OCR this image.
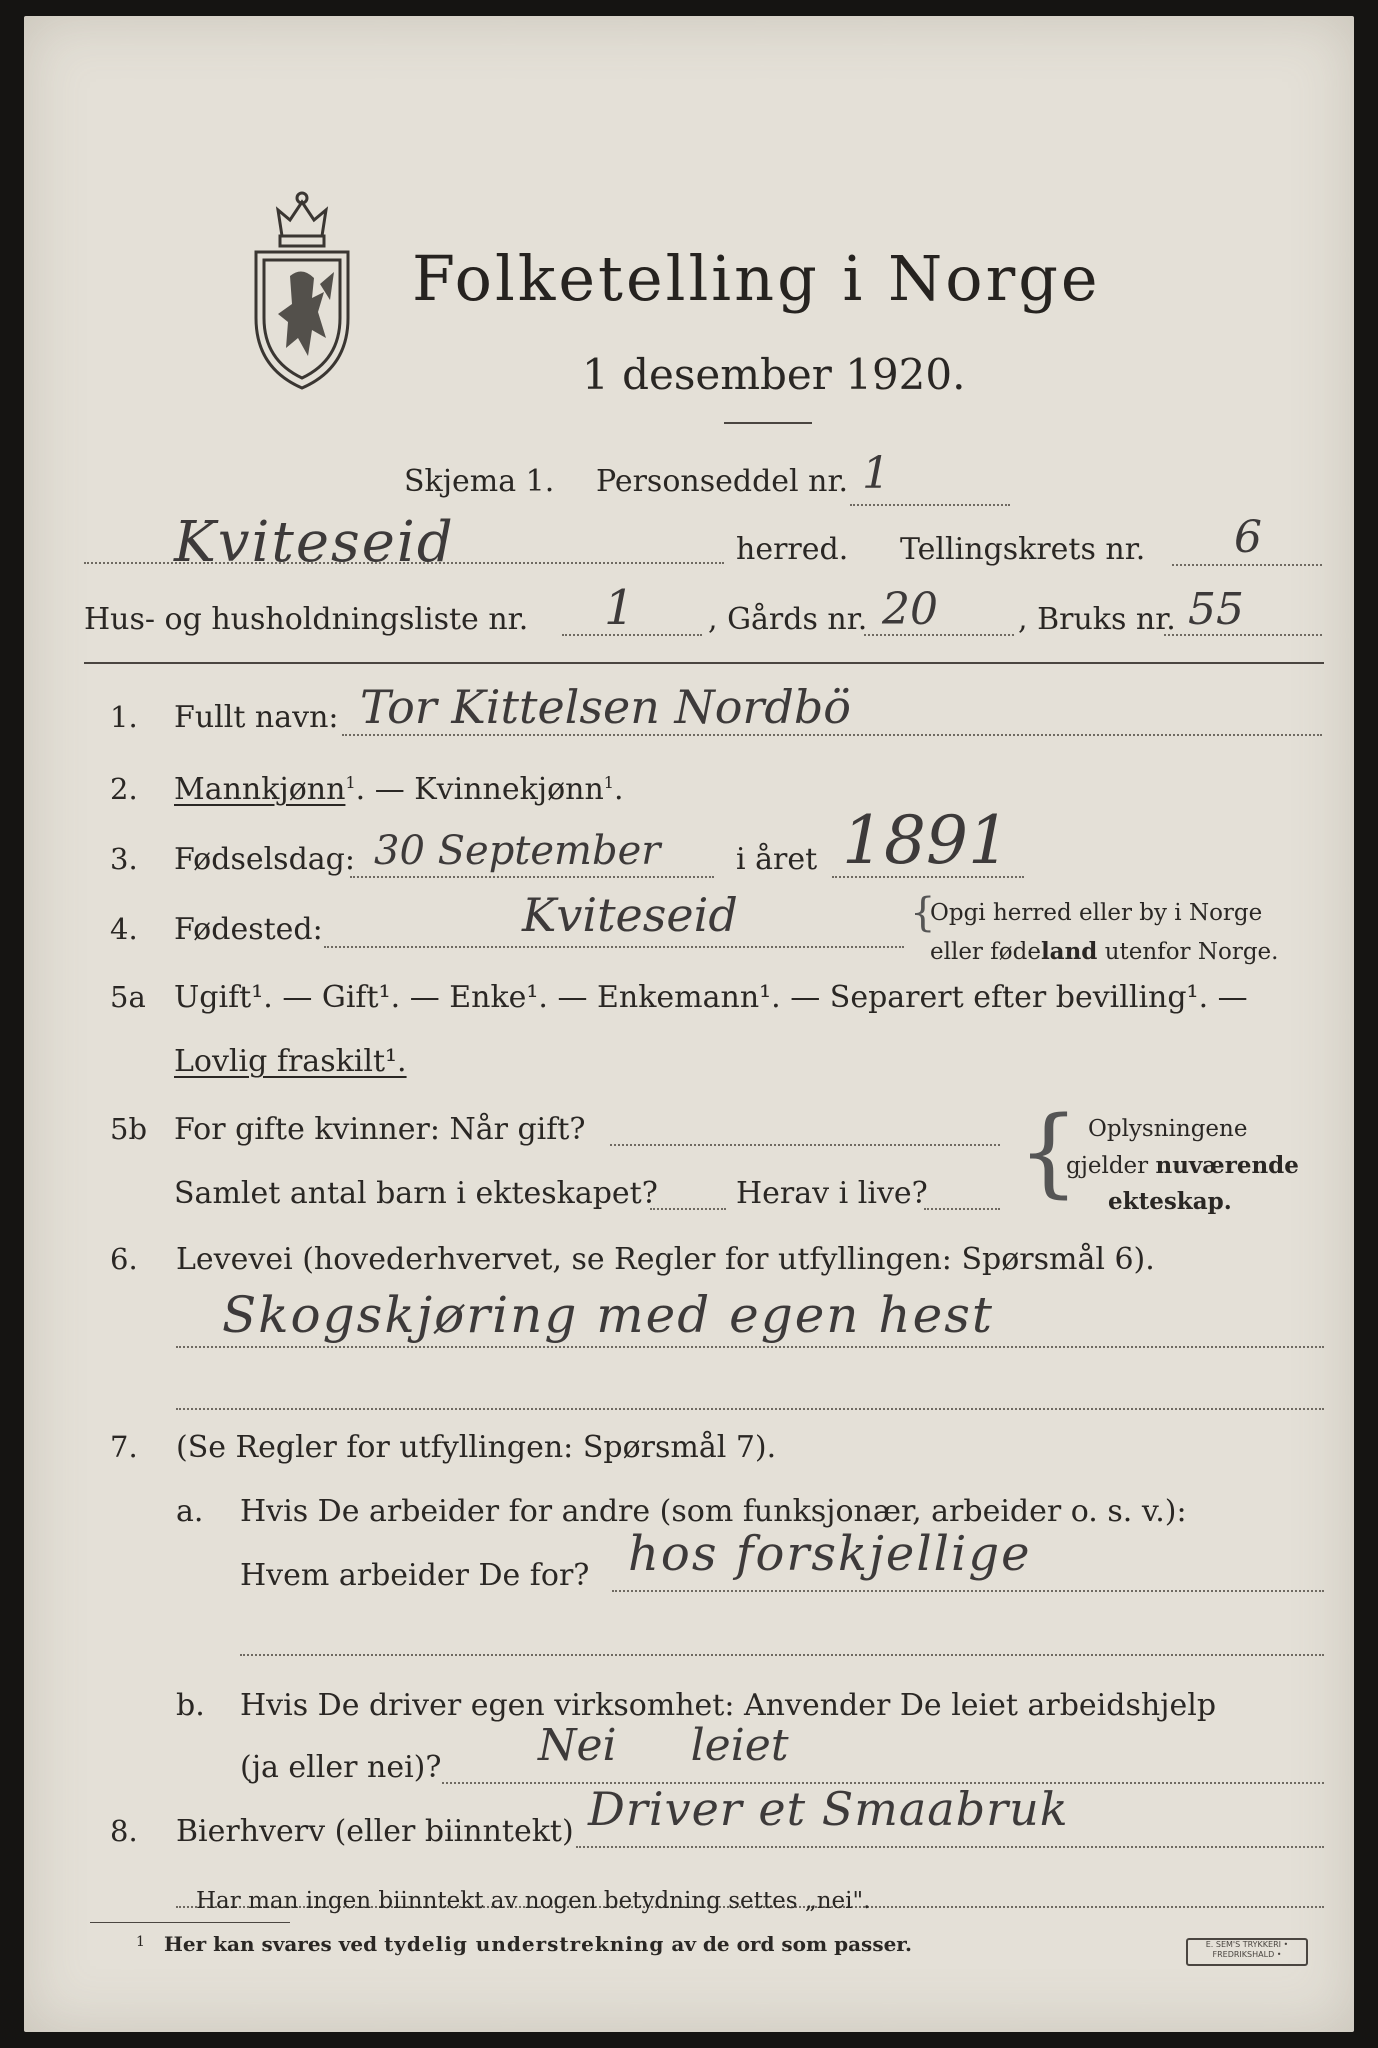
Folketelling i Norge
1 desember 1920.
Skjema 1. Personseddel nr. 1
Kviteseid	herred. Tellingskrets nr. 6
Hus- og husholdningsliste nr. 1 , Gårds nr. 20	, Bruks nr. 55
1. Fullt navn: Tor Kittelsen Nordbö
2. Mannkjønn$^1$. — Kvinnekjønn$^1$.
3. Fødselsdag: 30 September	i året 1891
4. Fødested:	Kviteseid	{
Opgi herred eller by i Norge
eller fødeland utenfor Norge.
5a Ugift¹. — Gift¹. — Enke¹. — Enkemann¹. — Separert efter bevilling¹. —
Lovlig fraskilt¹.
5b For gifte kvinner: Når gift?
Samlet antal barn i ekteskapet?	Herav i live? { Oplysningene
gjelder nuværende
ekteskap.
6. Levevei (hovederhvervet, se Regler for utfyllingen: Spørsmål 6).
Skogskjøring med egen hest
7. (Se Regler for utfyllingen: Spørsmål 7).
a. Hvis De arbeider for andre (som funksjonær, arbeider o. s. v.):
Hvem arbeider De for? hos forskjellige
b. Hvis De driver egen virksomhet: Anvender De leiet arbeidshjelp
(ja eller nei)? Nei leiet
8. Bierhverv (eller biinntekt) Driver et Smaabruk
Har man ingen biinntekt av nogen betydning settes „nei".
1 Her kan svares ved tydelig understrekning av de ord som passer.	E. SEM'S TRYKKERI • FREDRIKSHALD •
